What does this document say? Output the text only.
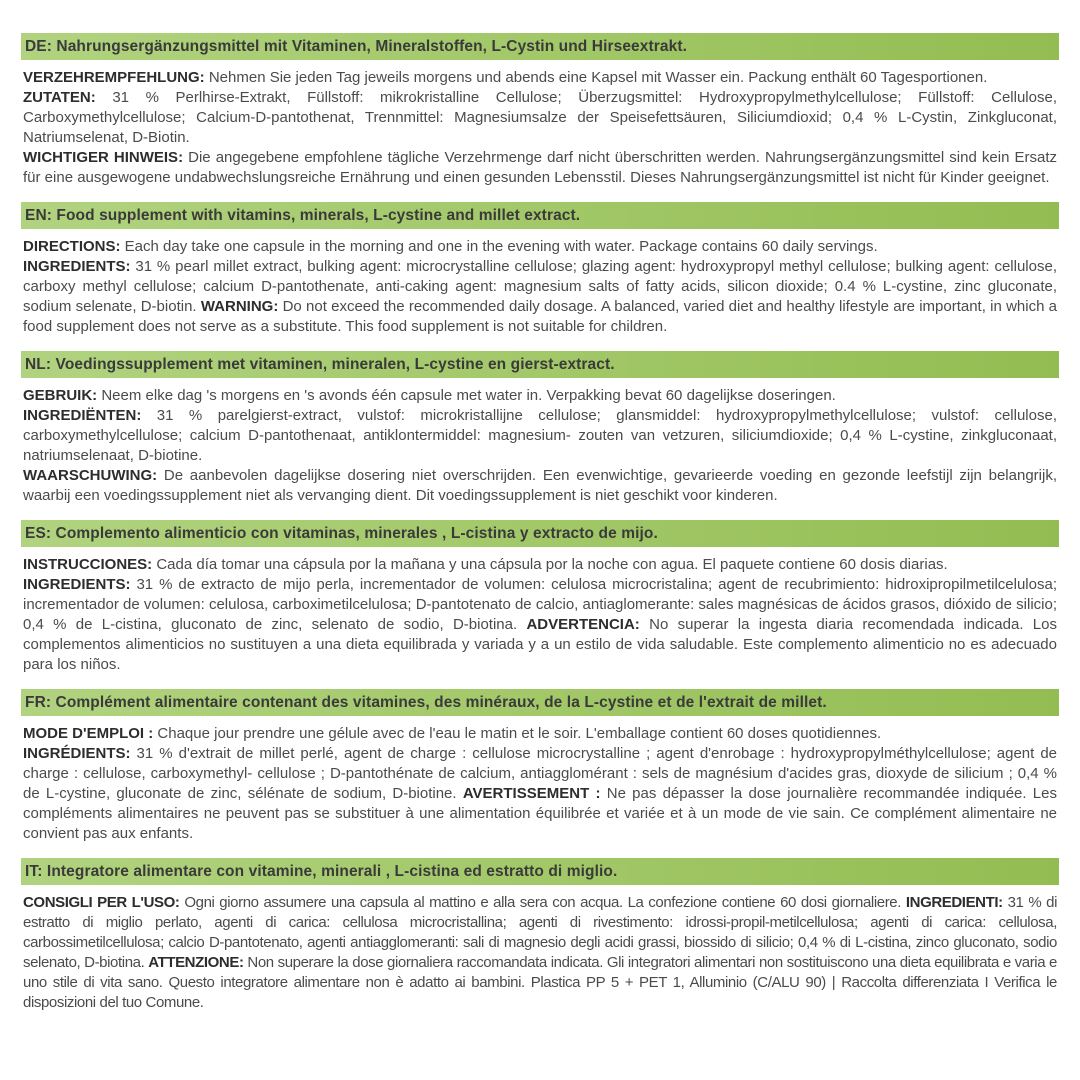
DE: Nahrungsergänzungsmittel mit Vitaminen, Mineralstoffen, L-Cystin und Hirseextrakt.

VERZEHREMPFEHLUNG: Nehmen Sie jeden Tag jeweils morgens und abends eine Kapsel mit Wasser ein. Packung enthält 60 Tagesportionen.

ZUTATEN: 31 % Perlhirse-Extrakt, Füllstoff: mikrokristalline Cellulose; Überzugsmittel: Hydroxypropylmethylcellulose; Füllstoff: Cellulose, Carboxymethylcellulose; Calcium-D-pantothenat, Trennmittel: Magnesiumsalze der Speisefettsäuren, Siliciumdioxid; 0,4 % L-Cystin, Zinkgluconat, Natriumselenat, D-Biotin.

WICHTIGER HINWEIS: Die angegebene empfohlene tägliche Verzehrmenge darf nicht überschritten werden. Nahrungsergänzungsmittel sind kein Ersatz für eine ausgewogene undabwechslungsreiche Ernährung und einen gesunden Lebensstil. Dieses Nahrungsergänzungsmittel ist nicht für Kinder geeignet.

EN: Food supplement with vitamins, minerals, L-cystine and millet extract.

DIRECTIONS: Each day take one capsule in the morning and one in the evening with water. Package contains 60 daily servings.

INGREDIENTS: 31 % pearl millet extract, bulking agent: microcrystalline cellulose; glazing agent: hydroxypropyl methyl cellulose; bulking agent: cellulose, carboxy methyl cellulose; calcium D-pantothenate, anti-caking agent: magnesium salts of fatty acids, silicon dioxide; 0.4 % L-cystine, zinc gluconate, sodium selenate, D-biotin. WARNING: Do not exceed the recommended daily dosage. A balanced, varied diet and healthy lifestyle are important, in which a food supplement does not serve as a substitute. This food supplement is not suitable for children.

NL: Voedingssupplement met vitaminen, mineralen, L-cystine en gierst-extract.

GEBRUIK: Neem elke dag 's morgens en 's avonds één capsule met water in. Verpakking bevat 60 dagelijkse doseringen.

INGREDIËNTEN: 31 % parelgierst-extract, vulstof: microkristallijne cellulose; glansmiddel: hydroxypropylmethylcellulose; vulstof: cellulose, carboxymethylcellulose; calcium D-pantothenaat, antiklontermiddel: magnesium- zouten van vetzuren, siliciumdioxide; 0,4 % L-cystine, zinkgluconaat, natriumselenaat, D-biotine.

WAARSCHUWING: De aanbevolen dagelijkse dosering niet overschrijden. Een evenwichtige, gevarieerde voeding en gezonde leefstijl zijn belangrijk, waarbij een voedingssupplement niet als vervanging dient. Dit voedingssupplement is niet geschikt voor kinderen.

ES: Complemento alimenticio con vitaminas, minerales , L-cistina y extracto de mijo.

INSTRUCCIONES: Cada día tomar una cápsula por la mañana y una cápsula por la noche con agua. El paquete contiene 60 dosis diarias.

INGREDIENTS: 31 % de extracto de mijo perla, incrementador de volumen: celulosa microcristalina; agent de recubrimiento: hidroxipropilmetilcelulosa; incrementador de volumen: celulosa, carboximetilcelulosa; D-pantotenato de calcio, antiaglomerante: sales magnésicas de ácidos grasos, dióxido de silicio; 0,4 % de L-cistina, gluconato de zinc, selenato de sodio, D-biotina. ADVERTENCIA: No superar la ingesta diaria recomendada indicada. Los complementos alimenticios no sustituyen a una dieta equilibrada y variada y a un estilo de vida saludable. Este complemento alimenticio no es adecuado para los niños.

FR: Complément alimentaire contenant des vitamines, des minéraux, de la L-cystine et de l'extrait de millet.

MODE D'EMPLOI : Chaque jour prendre une gélule avec de l'eau le matin et le soir. L'emballage contient 60 doses quotidiennes.

INGRÉDIENTS: 31 % d'extrait de millet perlé, agent de charge : cellulose microcrystalline ; agent d'enrobage : hydroxypropylméthylcellulose; agent de charge : cellulose, carboxymethyl- cellulose ; D-pantothénate de calcium, antiagglomérant : sels de magnésium d'acides gras, dioxyde de silicium ; 0,4 % de L-cystine, gluconate de zinc, sélénate de sodium, D-biotine. AVERTISSEMENT : Ne pas dépasser la dose journalière recommandée indiquée. Les compléments alimentaires ne peuvent pas se substituer à une alimentation équilibrée et variée et à un mode de vie sain. Ce complément alimentaire ne convient pas aux enfants.

IT: Integratore alimentare con vitamine, minerali , L-cistina ed estratto di miglio.

CONSIGLI PER L'USO: Ogni giorno assumere una capsula al mattino e alla sera con acqua. La confezione contiene 60 dosi giornaliere. INGREDIENTI: 31 % di estratto di miglio perlato, agenti di carica: cellulosa microcristallina; agenti di rivestimento: idrossi-propil-metilcellulosa; agenti di carica: cellulosa, carbossimetilcellulosa; calcio D-pantotenato, agenti antiagglomeranti: sali di magnesio degli acidi grassi, biossido di silicio; 0,4 % di L-cistina, zinco gluconato, sodio selenato, D-biotina. ATTENZIONE: Non superare la dose giornaliera raccomandata indicata. Gli integratori alimentari non sostituiscono una dieta equilibrata e varia e uno stile di vita sano. Questo integratore alimentare non è adatto ai bambini. Plastica PP 5 + PET 1, Alluminio (C/ALU 90) | Raccolta differenziata I Verifica le disposizioni del tuo Comune.
